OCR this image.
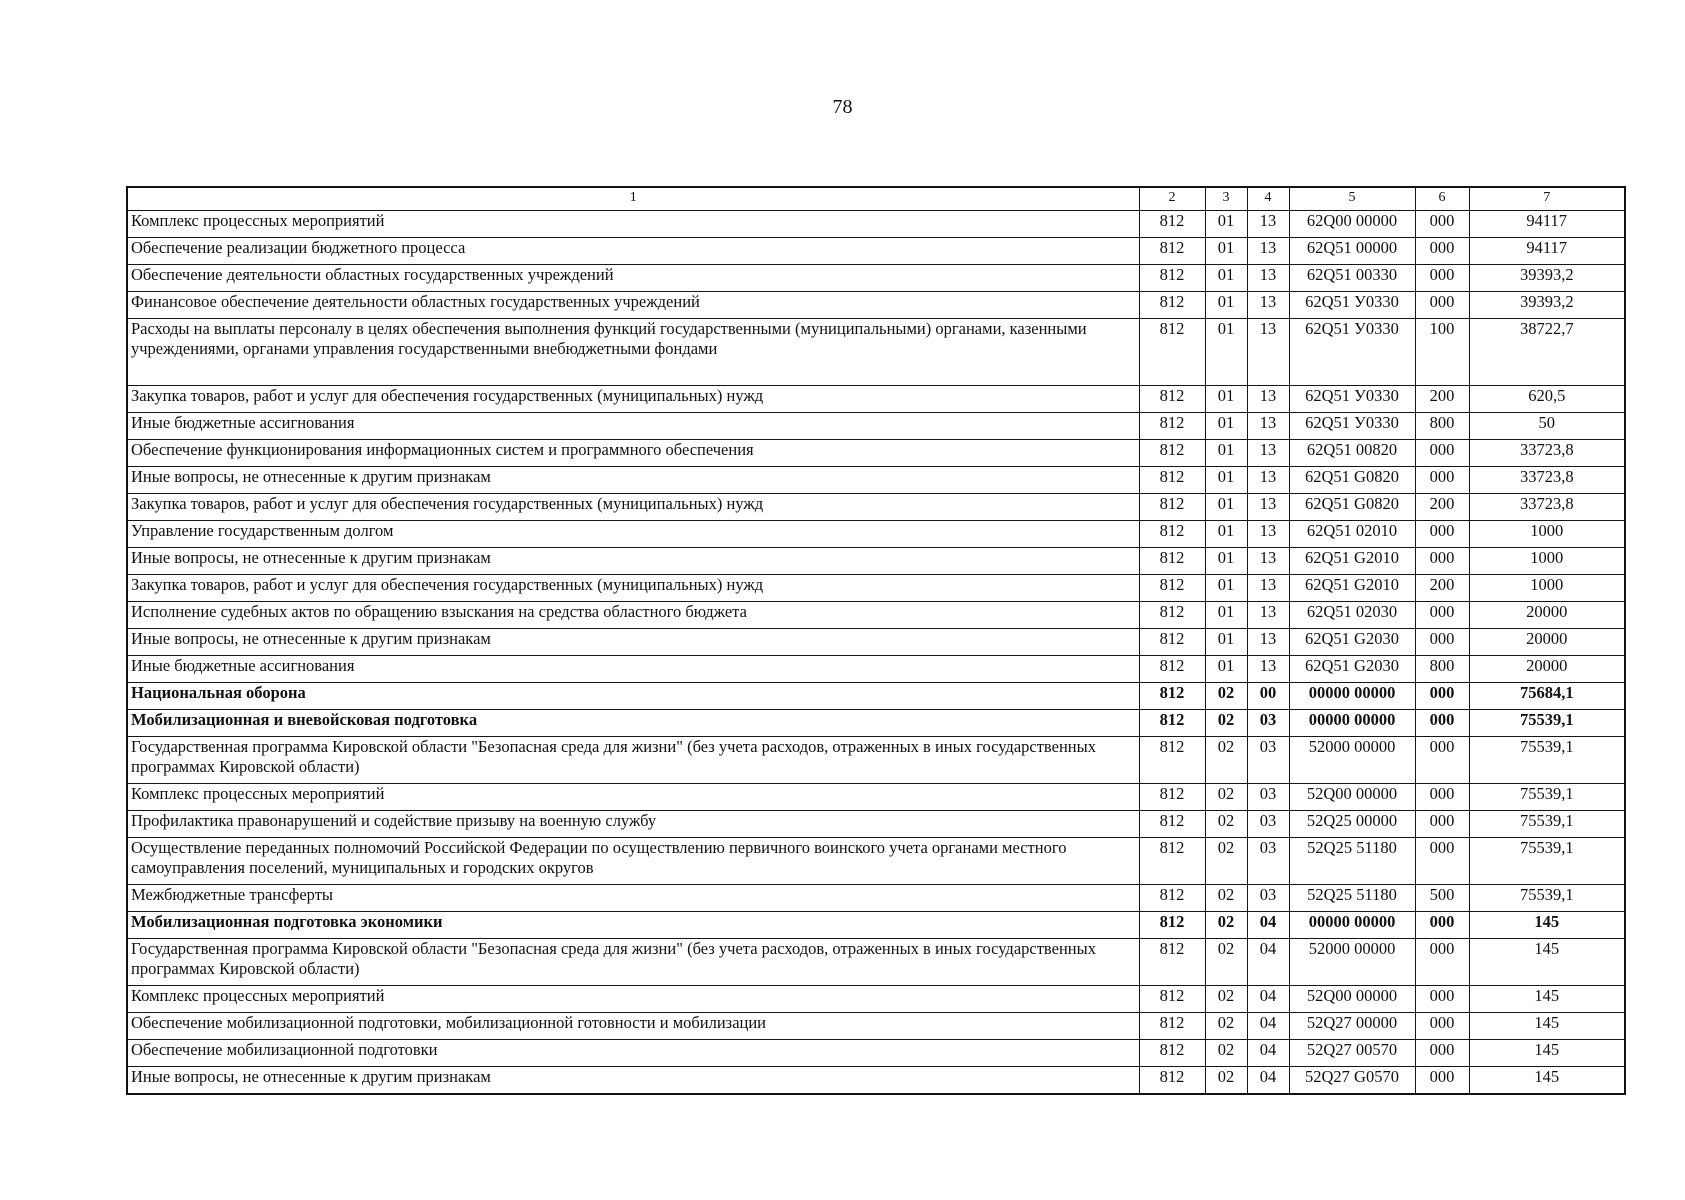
78
1	2	3	4	5	6	7
Комплекс процессных мероприятий	812	01	13	62Q00 00000	000	94117
Обеспечение реализации бюджетного процесса	812	01	13	62Q51 00000	000	94117
Обеспечение деятельности областных государственных учреждений	812	01	13	62Q51 00330	000	39393,2
Финансовое обеспечение деятельности областных государственных учреждений	812	01	13	62Q51 У0330	000	39393,2
Расходы на выплаты персоналу в целях обеспечения выполнения функций государственными (муниципальными) органами, казенными учреждениями, органами управления государственными внебюджетными фондами	812	01	13	62Q51 У0330	100	38722,7
Закупка товаров, работ и услуг для обеспечения государственных (муниципальных) нужд	812	01	13	62Q51 У0330	200	620,5
Иные бюджетные ассигнования	812	01	13	62Q51 У0330	800	50
Обеспечение функционирования информационных систем и программного обеспечения	812	01	13	62Q51 00820	000	33723,8
Иные вопросы, не отнесенные к другим признакам	812	01	13	62Q51 G0820	000	33723,8
Закупка товаров, работ и услуг для обеспечения государственных (муниципальных) нужд	812	01	13	62Q51 G0820	200	33723,8
Управление государственным долгом	812	01	13	62Q51 02010	000	1000
Иные вопросы, не отнесенные к другим признакам	812	01	13	62Q51 G2010	000	1000
Закупка товаров, работ и услуг для обеспечения государственных (муниципальных) нужд	812	01	13	62Q51 G2010	200	1000
Исполнение судебных актов по обращению взыскания на средства областного бюджета	812	01	13	62Q51 02030	000	20000
Иные вопросы, не отнесенные к другим признакам	812	01	13	62Q51 G2030	000	20000
Иные бюджетные ассигнования	812	01	13	62Q51 G2030	800	20000
Национальная оборона	812	02	00	00000 00000	000	75684,1
Мобилизационная и вневойсковая подготовка	812	02	03	00000 00000	000	75539,1
Государственная программа Кировской области "Безопасная среда для жизни" (без учета расходов, отраженных в иных государственных программах Кировской области)	812	02	03	52000 00000	000	75539,1
Комплекс процессных мероприятий	812	02	03	52Q00 00000	000	75539,1
Профилактика правонарушений и содействие призыву на военную службу	812	02	03	52Q25 00000	000	75539,1
Осуществление переданных полномочий Российской Федерации по осуществлению первичного воинского учета органами местного самоуправления поселений, муниципальных и городских округов	812	02	03	52Q25 51180	000	75539,1
Межбюджетные трансферты	812	02	03	52Q25 51180	500	75539,1
Мобилизационная подготовка экономики	812	02	04	00000 00000	000	145
Государственная программа Кировской области "Безопасная среда для жизни" (без учета расходов, отраженных в иных государственных программах Кировской области)	812	02	04	52000 00000	000	145
Комплекс процессных мероприятий	812	02	04	52Q00 00000	000	145
Обеспечение мобилизационной подготовки, мобилизационной готовности и мобилизации	812	02	04	52Q27 00000	000	145
Обеспечение мобилизационной подготовки	812	02	04	52Q27 00570	000	145
Иные вопросы, не отнесенные к другим признакам	812	02	04	52Q27 G0570	000	145
